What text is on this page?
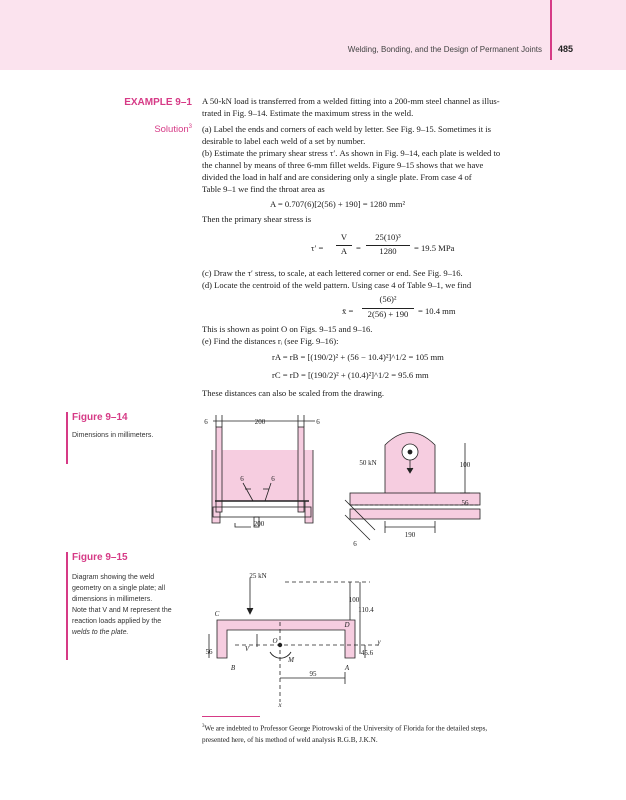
Welding, Bonding, and the Design of Permanent Joints 485
EXAMPLE 9–1
Solution$^3$
A 50-kN load is transferred from a welded fitting into a 200-mm steel channel as illus-
trated in Fig. 9–14. Estimate the maximum stress in the weld.
(a) Label the ends and corners of each weld by letter. See Fig. 9–15. Sometimes it is
desirable to label each weld of a set by number.
(b) Estimate the primary shear stress τ′. As shown in Fig. 9–14, each plate is welded to
the channel by means of three 6-mm fillet welds. Figure 9–15 shows that we have
divided the load in half and are considering only a single plate. From case 4 of
Table 9–1 we find the throat area as
A = 0.707(6)[2(56) + 190] = 1280 mm²
Then the primary shear stress is
τ′ =
V
A	=
25(10)³
1280	= 19.5 MPa
(c) Draw the τ′ stress, to scale, at each lettered corner or end. See Fig. 9–16.
(d) Locate the centroid of the weld pattern. Using case 4 of Table 9–1, we find
x̄ =
(56)²
2(56) + 190	= 10.4 mm
This is shown as point O on Figs. 9–15 and 9–16.
(e) Find the distances rᵢ (see Fig. 9–16):
rA = rB = [(190/2)² + (56 − 10.4)²]^1/2 = 105 mm
rC = rD = [(190/2)² + (10.4)²]^1/2 = 95.6 mm
These distances can also be scaled from the drawing.
Figure 9–14
Dimensions in millimeters.
6	200	6
6	6
200
50 kN	100
56
190
6
Figure 9–15
Diagram showing the weld
geometry on a single plate; all
dimensions in millimeters.
Note that V and M represent the
reaction loads applied by the
welds to the plate.
25 kN
100
110.4
C
D
V
O
M
y
56	45.6
B	A
95
x
$^3$We are indebted to Professor George Piotrowski of the University of Florida for the detailed steps,
presented here, of his method of weld analysis R.G.B, J.K.N.
